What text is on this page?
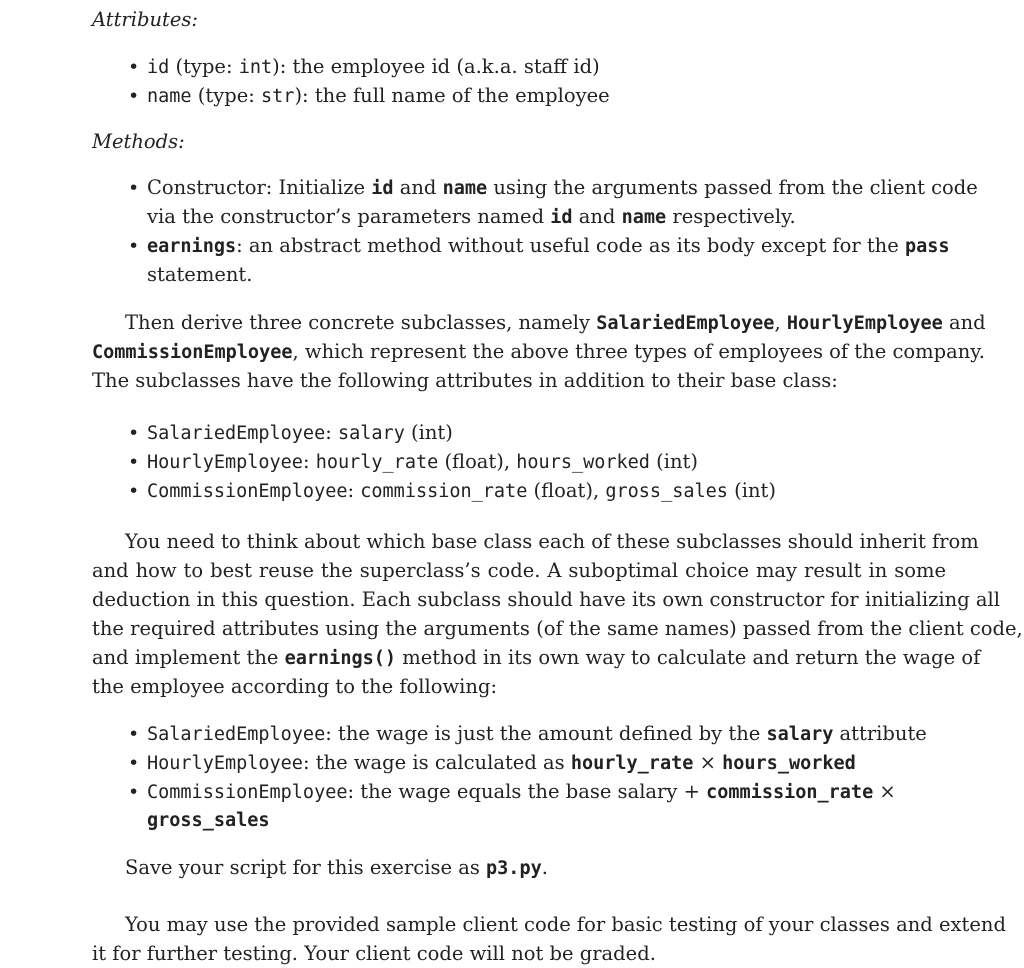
Attributes:
• id (type: int): the employee id (a.k.a. staff id)
• name (type: str): the full name of the employee
Methods:
• Constructor: Initialize id and name using the arguments passed from the client code
via the constructor’s parameters named id and name respectively.
• earnings: an abstract method without useful code as its body except for the pass
statement.
Then derive three concrete subclasses, namely SalariedEmployee, HourlyEmployee and
CommissionEmployee, which represent the above three types of employees of the company.
The subclasses have the following attributes in addition to their base class:
• SalariedEmployee: salary (int)
• HourlyEmployee: hourly_rate (float), hours_worked (int)
• CommissionEmployee: commission_rate (float), gross_sales (int)
You need to think about which base class each of these subclasses should inherit from
and how to best reuse the superclass’s code. A suboptimal choice may result in some
deduction in this question. Each subclass should have its own constructor for initializing all
the required attributes using the arguments (of the same names) passed from the client code,
and implement the earnings() method in its own way to calculate and return the wage of
the employee according to the following:
• SalariedEmployee: the wage is just the amount defined by the salary attribute
• HourlyEmployee: the wage is calculated as hourly_rate × hours_worked
• CommissionEmployee: the wage equals the base salary + commission_rate ×
gross_sales
Save your script for this exercise as p3.py.
You may use the provided sample client code for basic testing of your classes and extend
it for further testing. Your client code will not be graded.
